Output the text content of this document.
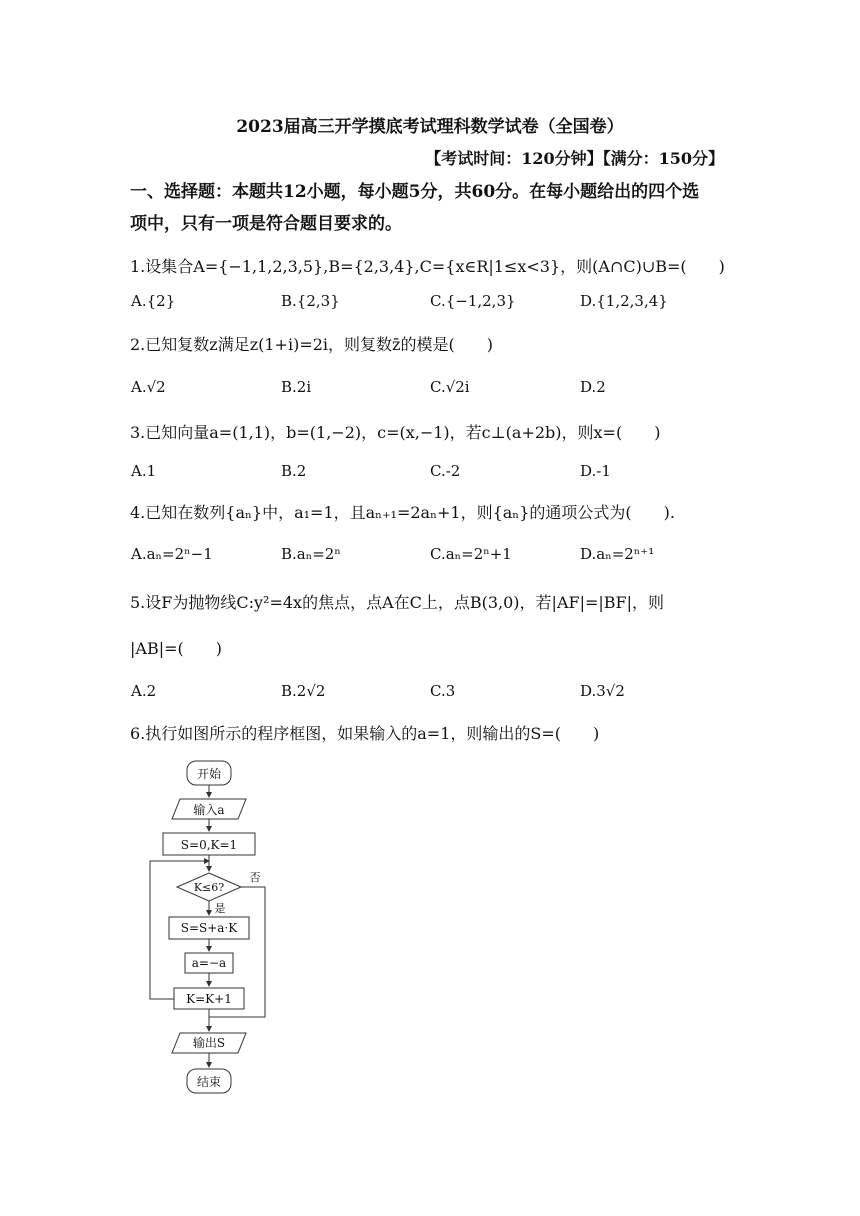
2023届高三开学摸底考试理科数学试卷（全国卷）
【考试时间：120分钟】【满分：150分】
一、选择题：本题共12小题，每小题5分，共60分。在每小题给出的四个选
项中，只有一项是符合题目要求的。
1.设集合A={−1,1,2,3,5},B={2,3,4},C={x∈R|1≤x<3}，则(A∩C)∪B=(　　)
A.{2}	B.{2,3}	C.{−1,2,3}	D.{1,2,3,4}
2.已知复数z满足z(1+i)=2i，则复数z̄的模是(　　)
A.√2	B.2i	C.√2i	D.2
3.已知向量a=(1,1)，b=(1,−2)，c=(x,−1)，若c⊥(a+2b)，则x=(　　)
A.1	B.2	C.-2	D.-1
4.已知在数列{aₙ}中，a₁=1，且aₙ₊₁=2aₙ+1，则{aₙ}的通项公式为(　　).
A.aₙ=2ⁿ−1	B.aₙ=2ⁿ	C.aₙ=2ⁿ+1	D.aₙ=2ⁿ⁺¹
5.设F为抛物线C:y²=4x的焦点，点A在C上，点B(3,0)，若|AF|=|BF|，则
|AB|=(　　)
A.2	B.2√2	C.3	D.3√2
6.执行如图所示的程序框图，如果输入的a=1，则输出的S=(　　)
开始
输入a
S=0,K=1
K≤6?
S=S+a·K
a=−a
K=K+1
输出S
结束
否
是
